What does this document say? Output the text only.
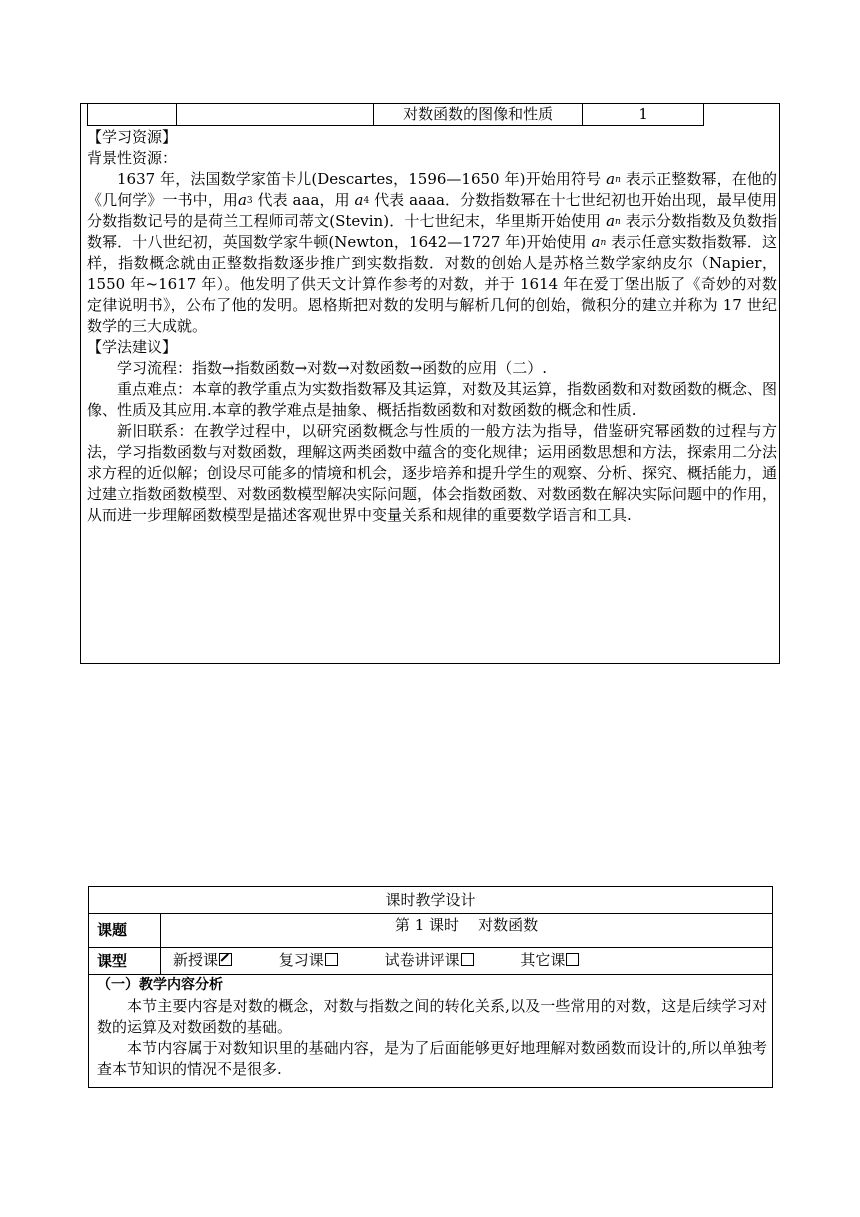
对数函数的图像和性质	1

【学习资源】

背景性资源：

1637 年，法国数学家笛卡儿(Descartes，1596—1650 年)开始用符号 $a^n$ 表示正整数幂，在他的《几何学》一书中，用$a^3$ 代表 aaa，用 $a^4$ 代表 aaaa．分数指数幂在十七世纪初也开始出现，最早使用分数指数记号的是荷兰工程师司蒂文(Stevin)．十七世纪末，华里斯开始使用 $a^n$ 表示分数指数及负数指数幂．十八世纪初，英国数学家牛顿(Newton，1642—1727 年)开始使用 $a^n$ 表示任意实数指数幂．这样，指数概念就由正整数指数逐步推广到实数指数．对数的创始人是苏格兰数学家纳皮尔（Napier，1550 年~1617 年）。他发明了供天文计算作参考的对数，并于 1614 年在爱丁堡出版了《奇妙的对数定律说明书》，公布了他的发明。恩格斯把对数的发明与解析几何的创始，微积分的建立并称为 17 世纪数学的三大成就。

【学法建议】

学习流程：指数→指数函数→对数→对数函数→函数的应用（二）.

重点难点：本章的教学重点为实数指数幂及其运算，对数及其运算，指数函数和对数函数的概念、图像、性质及其应用.本章的教学难点是抽象、概括指数函数和对数函数的概念和性质.

新旧联系：在教学过程中，以研究函数概念与性质的一般方法为指导，借鉴研究幂函数的过程与方法，学习指数函数与对数函数，理解这两类函数中蕴含的变化规律；运用函数思想和方法，探索用二分法求方程的近似解；创设尽可能多的情境和机会，逐步培养和提升学生的观察、分析、探究、概括能力，通过建立指数函数模型、对数函数模型解决实际问题，体会指数函数、对数函数在解决实际问题中的作用，从而进一步理解函数模型是描述客观世界中变量关系和规律的重要数学语言和工具.

课时教学设计
课题	第 1 课时    对数函数
课型	新授课	复习课	试卷讲评课	其它课

（一）教学内容分析

本节主要内容是对数的概念，对数与指数之间的转化关系,以及一些常用的对数，这是后续学习对数的运算及对数函数的基础。

本节内容属于对数知识里的基础内容，是为了后面能够更好地理解对数函数而设计的,所以单独考查本节知识的情况不是很多.
